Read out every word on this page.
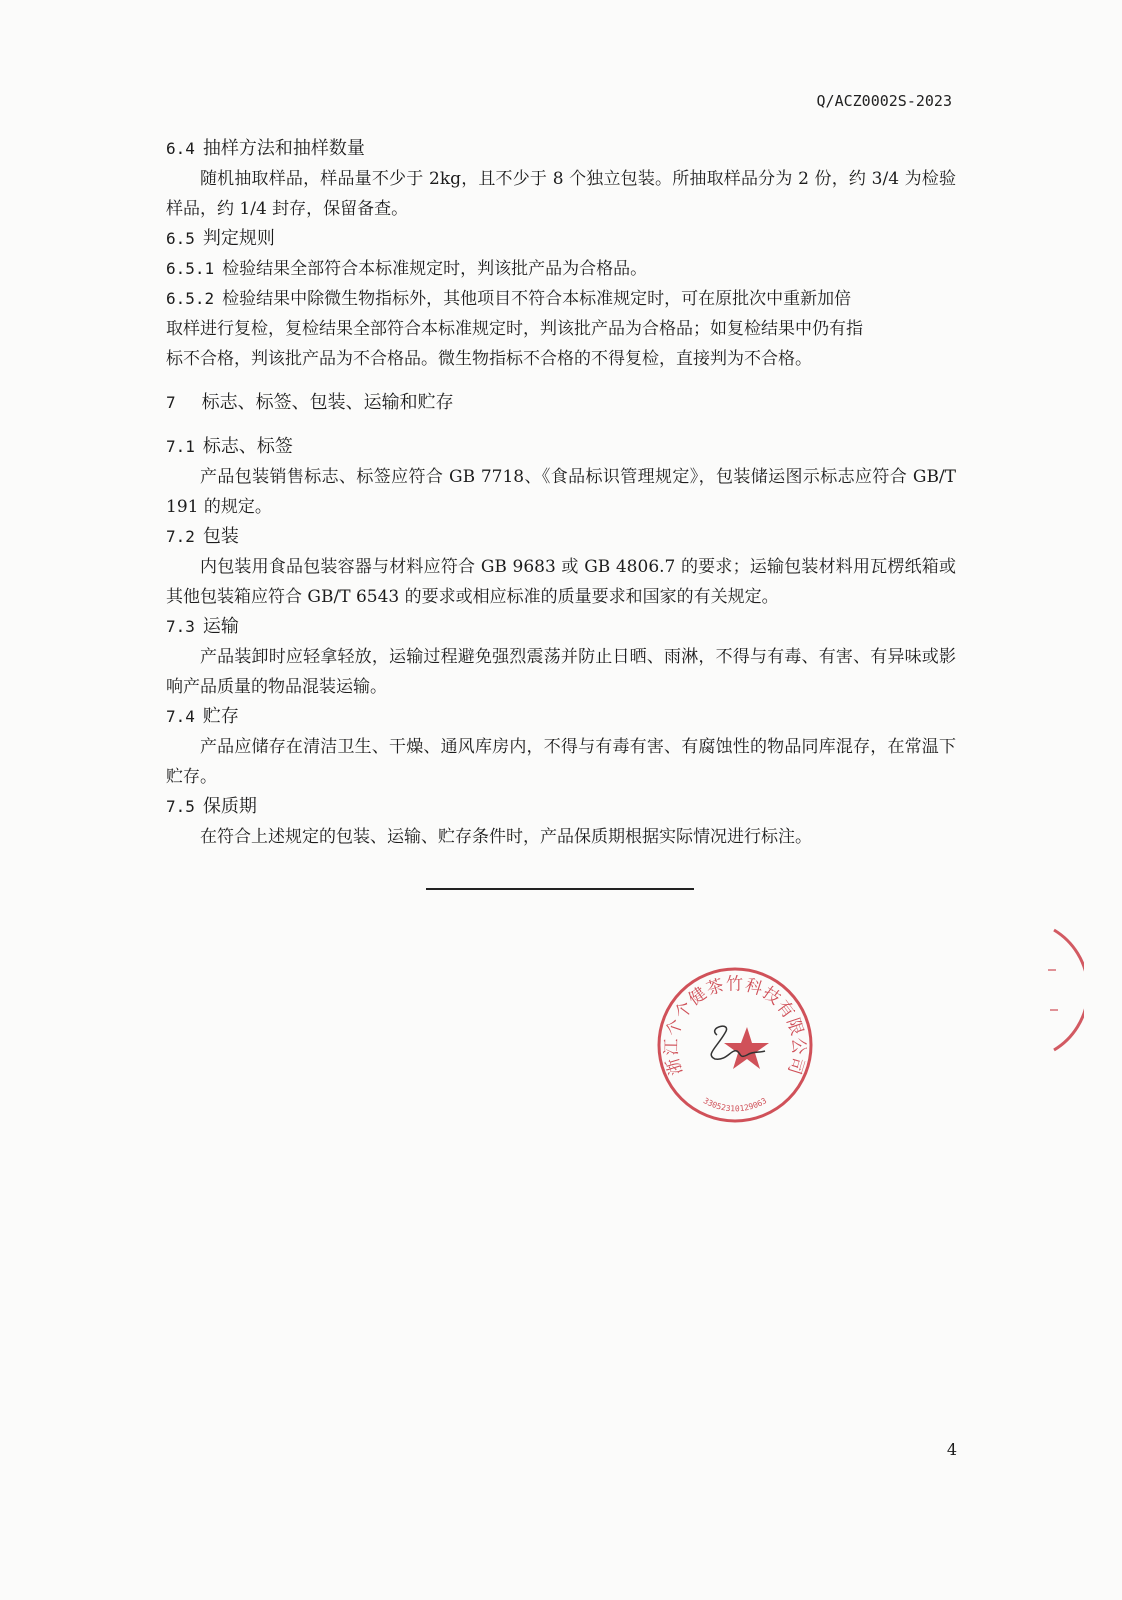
Q/ACZ0002S-2023
6.4 抽样方法和抽样数量
随机抽取样品，样品量不少于 2kg，且不少于 8 个独立包装。所抽取样品分为 2 份，约 3/4 为检验样品，约 1/4 封存，保留备查。
6.5 判定规则
6.5.1 检验结果全部符合本标准规定时，判该批产品为合格品。
6.5.2 检验结果中除微生物指标外，其他项目不符合本标准规定时，可在原批次中重新加倍
取样进行复检，复检结果全部符合本标准规定时，判该批产品为合格品；如复检结果中仍有指
标不合格，判该批产品为不合格品。微生物指标不合格的不得复检，直接判为不合格。
7 标志、标签、包装、运输和贮存
7.1 标志、标签
产品包装销售标志、标签应符合 GB 7718、《食品标识管理规定》，包装储运图示标志应符合 GB/T 191 的规定。
7.2 包装
内包装用食品包装容器与材料应符合 GB 9683 或 GB 4806.7 的要求；运输包装材料用瓦楞纸箱或其他包装箱应符合 GB/T 6543 的要求或相应标准的质量要求和国家的有关规定。
7.3 运输
产品装卸时应轻拿轻放，运输过程避免强烈震荡并防止日晒、雨淋，不得与有毒、有害、有异味或影响产品质量的物品混装运输。
7.4 贮存
产品应储存在清洁卫生、干燥、通风库房内，不得与有毒有害、有腐蚀性的物品同库混存，在常温下贮存。
7.5 保质期
在符合上述规定的包装、运输、贮存条件时，产品保质期根据实际情况进行标注。
浙江个个健茶竹科技有限公司
3305231012906​3
4
